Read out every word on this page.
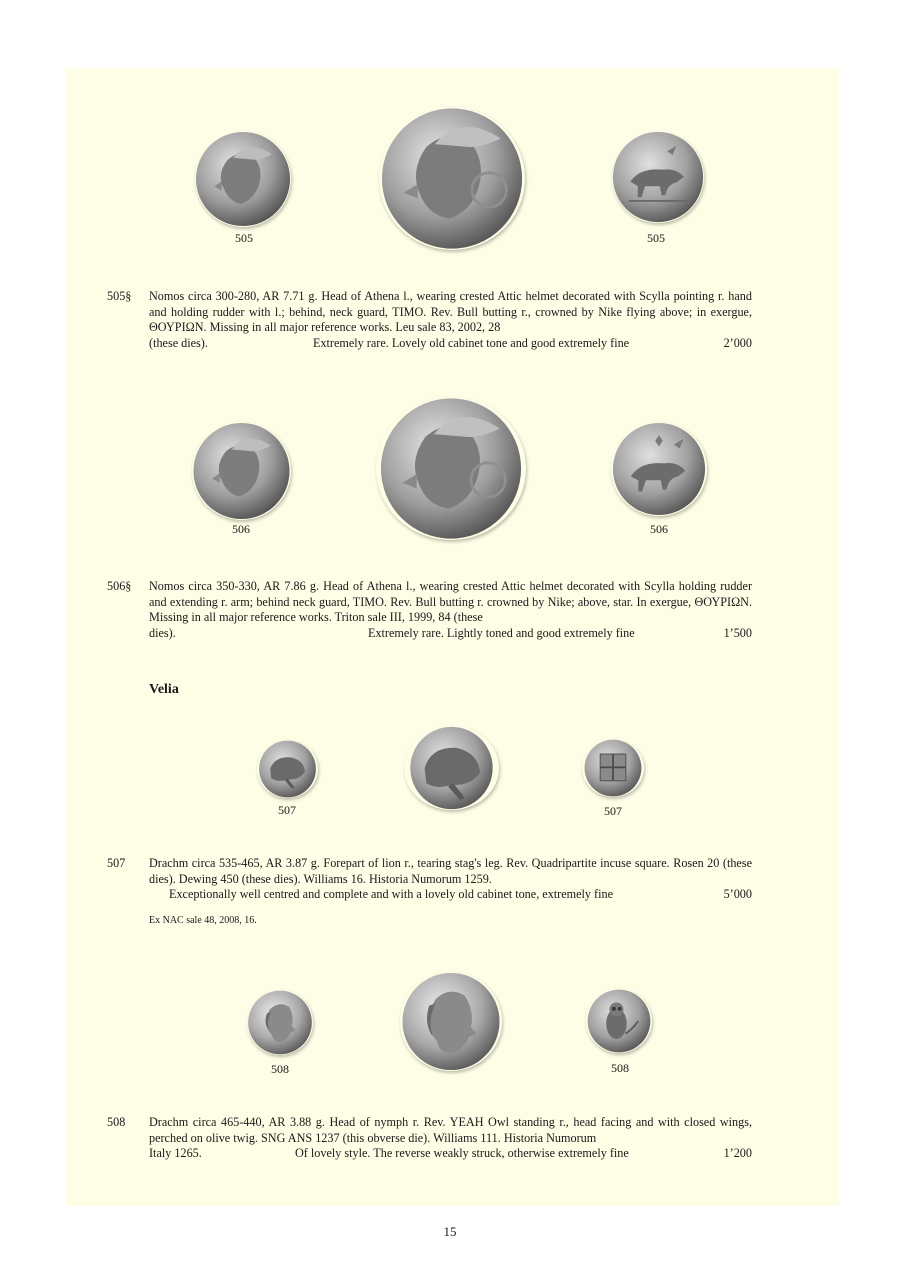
505	505
505§ Nomos circa 300-280, AR 7.71 g. Head of Athena l., wearing crested Attic helmet decorated with Scylla pointing r. hand and holding rudder with l.; behind, neck guard, TIMO. Rev. Bull butting r., crowned by Nike flying above; in exergue, ΘΟΥΡΙΩΝ. Missing in all major reference works. Leu sale 83, 2002, 28

(these dies).	Extremely rare. Lovely old cabinet tone and good extremely fine	2’000
506	506
506§ Nomos circa 350-330, AR 7.86 g. Head of Athena l., wearing crested Attic helmet decorated with Scylla holding rudder and extending r. arm; behind neck guard, TIMO. Rev. Bull butting r. crowned by Nike; above, star. In exergue, ΘΟΥΡΙΩΝ. Missing in all major reference works. Triton sale III, 1999, 84 (these

dies).	Extremely rare. Lightly toned and good extremely fine	1’500
Velia
507	507
507 Drachm circa 535-465, AR 3.87 g. Forepart of lion r., tearing stag's leg. Rev. Quadripartite incuse square. Rosen 20 (these dies). Dewing 450 (these dies). Williams 16. Historia Numorum 1259.

Exceptionally well centred and complete and with a lovely old cabinet tone, extremely fine	5’000
Ex NAC sale 48, 2008, 16.
508	508
508 Drachm circa 465-440, AR 3.88 g. Head of nymph r. Rev. YEAH Owl standing r., head facing and with closed wings, perched on olive twig. SNG ANS 1237 (this obverse die). Williams 111. Historia Numorum

Italy 1265.	Of lovely style. The reverse weakly struck, otherwise extremely fine	1’200
15
